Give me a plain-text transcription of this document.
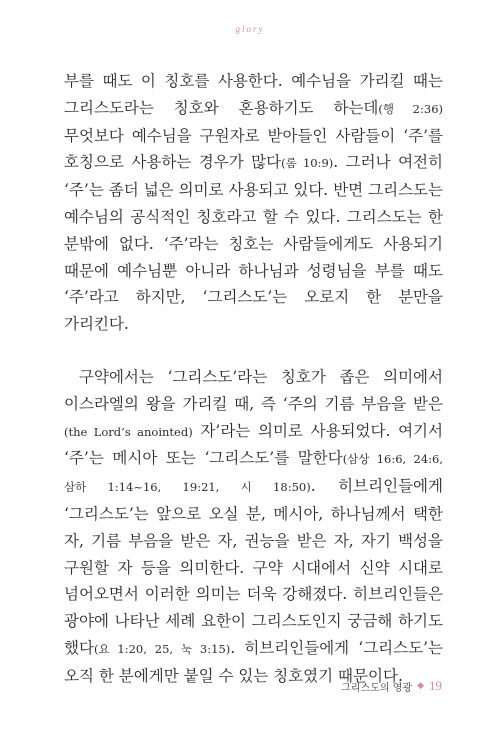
glory

부를 때도 이 칭호를 사용한다. 예수님을 가리킬 때는 그리스도라는 칭호와 혼용하기도 하는데(행 2:36) 무엇보다 예수님을 구원자로 받아들인 사람들이 ‘주’를 호칭으로 사용하는 경우가 많다(롬 10:9). 그러나 여전히 ‘주’는 좀더 넓은 의미로 사용되고 있다. 반면 그리스도는 예수님의 공식적인 칭호라고 할 수 있다. 그리스도는 한 분밖에 없다. ‘주’라는 칭호는 사람들에게도 사용되기 때문에 예수님뿐 아니라 하나님과 성령님을 부를 때도 ‘주’라고 하지만, ‘그리스도’는 오로지 한 분만을 가리킨다.

구약에서는 ‘그리스도’라는 칭호가 좁은 의미에서 이스라엘의 왕을 가리킬 때, 즉 ‘주의 기름 부음을 받은(the Lord’s anointed) 자’라는 의미로 사용되었다. 여기서 ‘주’는 메시아 또는 ‘그리스도’를 말한다(삼상 16:6, 24:6, 삼하 1:14~16, 19:21, 시 18:50). 히브리인들에게 ‘그리스도’는 앞으로 오실 분, 메시아, 하나님께서 택한 자, 기름 부음을 받은 자, 권능을 받은 자, 자기 백성을 구원할 자 등을 의미한다. 구약 시대에서 신약 시대로 넘어오면서 이러한 의미는 더욱 강해졌다. 히브리인들은 광야에 나타난 세례 요한이 그리스도인지 궁금해 하기도 했다(요 1:20, 25, 눅 3:15). 히브리인들에게 ‘그리스도’는 오직 한 분에게만 붙일 수 있는 칭호였기 때문이다.

그리스도의 영광 ◆ 19
